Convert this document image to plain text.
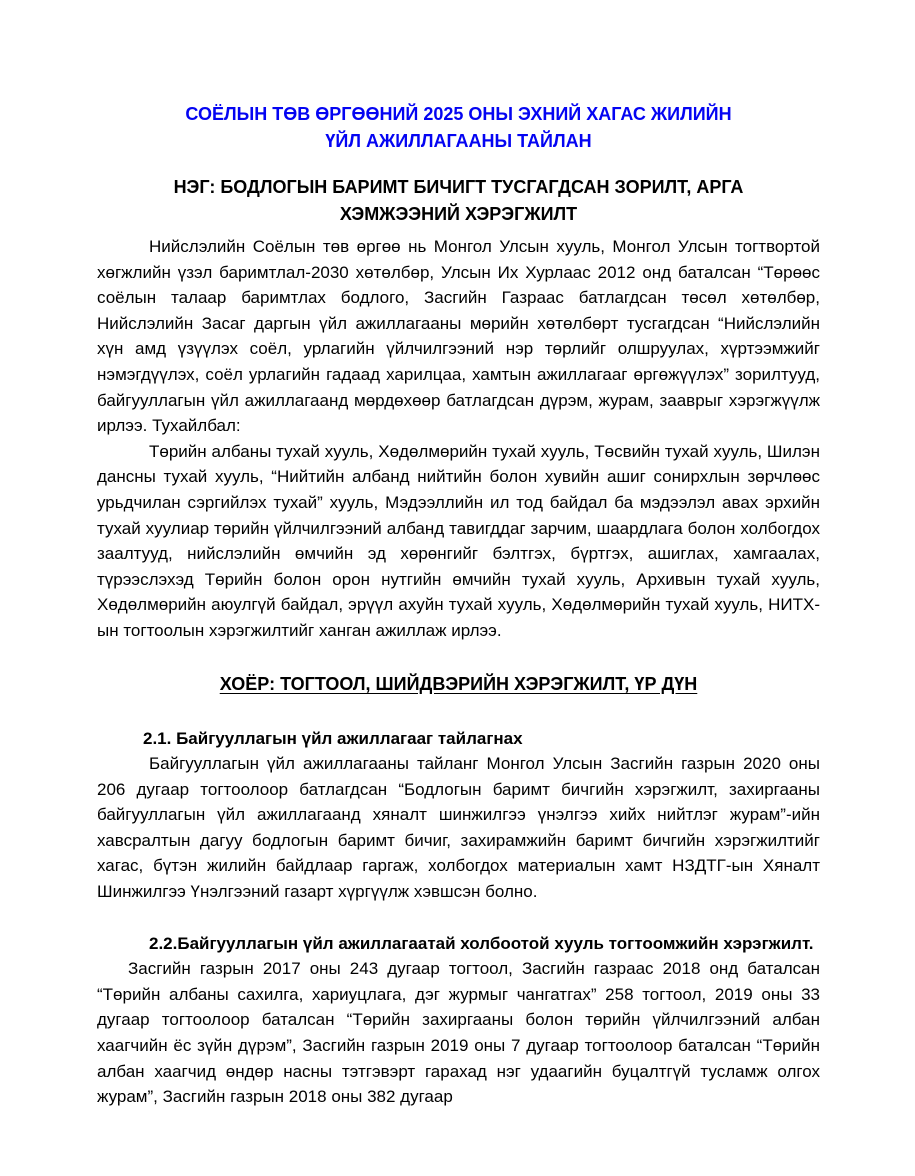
СОЁЛЫН ТӨВ ӨРГӨӨНИЙ 2025 ОНЫ ЭХНИЙ ХАГАС ЖИЛИЙН
ҮЙЛ АЖИЛЛАГААНЫ ТАЙЛАН
НЭГ: БОДЛОГЫН БАРИМТ БИЧИГТ ТУСГАГДСАН ЗОРИЛТ, АРГА
ХЭМЖЭЭНИЙ ХЭРЭГЖИЛТ

Нийслэлийн Соёлын төв өргөө нь Монгол Улсын хууль, Монгол Улсын тогтвортой хөгжлийн үзэл баримтлал-2030 хөтөлбөр, Улсын Их Хурлаас 2012 онд баталсан “Төрөөс соёлын талаар баримтлах бодлого, Засгийн Газраас батлагдсан төсөл хөтөлбөр, Нийслэлийн Засаг даргын үйл ажиллагааны мөрийн хөтөлбөрт тусгагдсан “Нийслэлийн хүн амд үзүүлэх соёл, урлагийн үйлчилгээний нэр төрлийг олшруулах, хүртээмжийг нэмэгдүүлэх, соёл урлагийн гадаад харилцаа, хамтын ажиллагааг өргөжүүлэх” зорилтууд, байгууллагын үйл ажиллагаанд мөрдөхөөр батлагдсан дүрэм, журам, зааврыг хэрэгжүүлж ирлээ. Тухайлбал:

Төрийн албаны тухай хууль, Хөдөлмөрийн тухай хууль, Төсвийн тухай хууль, Шилэн дансны тухай хууль, “Нийтийн албанд нийтийн болон хувийн ашиг сонирхлын зөрчлөөс урьдчилан сэргийлэх тухай” хууль, Мэдээллийн ил тод байдал ба мэдээлэл авах эрхийн тухай хуулиар төрийн үйлчилгээний албанд тавигддаг зарчим, шаардлага болон холбогдох заалтууд, нийслэлийн өмчийн эд хөрөнгийг бэлтгэх, бүртгэх, ашиглах, хамгаалах, түрээслэхэд Төрийн болон орон нутгийн өмчийн тухай хууль, Архивын тухай хууль, Хөдөлмөрийн аюулгүй байдал, эрүүл ахуйн тухай хууль, Хөдөлмөрийн тухай хууль, НИТХ-ын тогтоолын хэрэгжилтийг ханган ажиллаж ирлээ.

ХОЁР: ТОГТООЛ, ШИЙДВЭРИЙН ХЭРЭГЖИЛТ, ҮР ДҮН

2.1. Байгууллагын үйл ажиллагааг тайлагнах

Байгууллагын үйл ажиллагааны тайланг Монгол Улсын Засгийн газрын 2020 оны 206 дугаар тогтоолоор батлагдсан “Бодлогын баримт бичгийн хэрэгжилт, захиргааны байгууллагын үйл ажиллагаанд хяналт шинжилгээ үнэлгээ хийх нийтлэг журам”-ийн хавсралтын дагуу бодлогын баримт бичиг, захирамжийн баримт бичгийн хэрэгжилтийг хагас, бүтэн жилийн байдлаар гаргаж, холбогдох материалын хамт НЗДТГ-ын Хяналт Шинжилгээ Үнэлгээний газарт хүргүүлж хэвшсэн болно.

2.2.Байгууллагын үйл ажиллагаатай холбоотой хууль тогтоомжийн хэрэгжилт.

Засгийн газрын 2017 оны 243 дугаар тогтоол, Засгийн газраас 2018 онд баталсан “Төрийн албаны сахилга, хариуцлага, дэг журмыг чангатгах” 258 тогтоол, 2019 оны 33 дугаар тогтоолоор баталсан “Төрийн захиргааны болон төрийн үйлчилгээний албан хаагчийн ёс зүйн дүрэм”, Засгийн газрын 2019 оны 7 дугаар тогтоолоор баталсан “Төрийн албан хаагчид өндөр насны тэтгэвэрт гарахад нэг удаагийн буцалтгүй тусламж олгох журам”, Засгийн газрын 2018 оны 382 дугаар
